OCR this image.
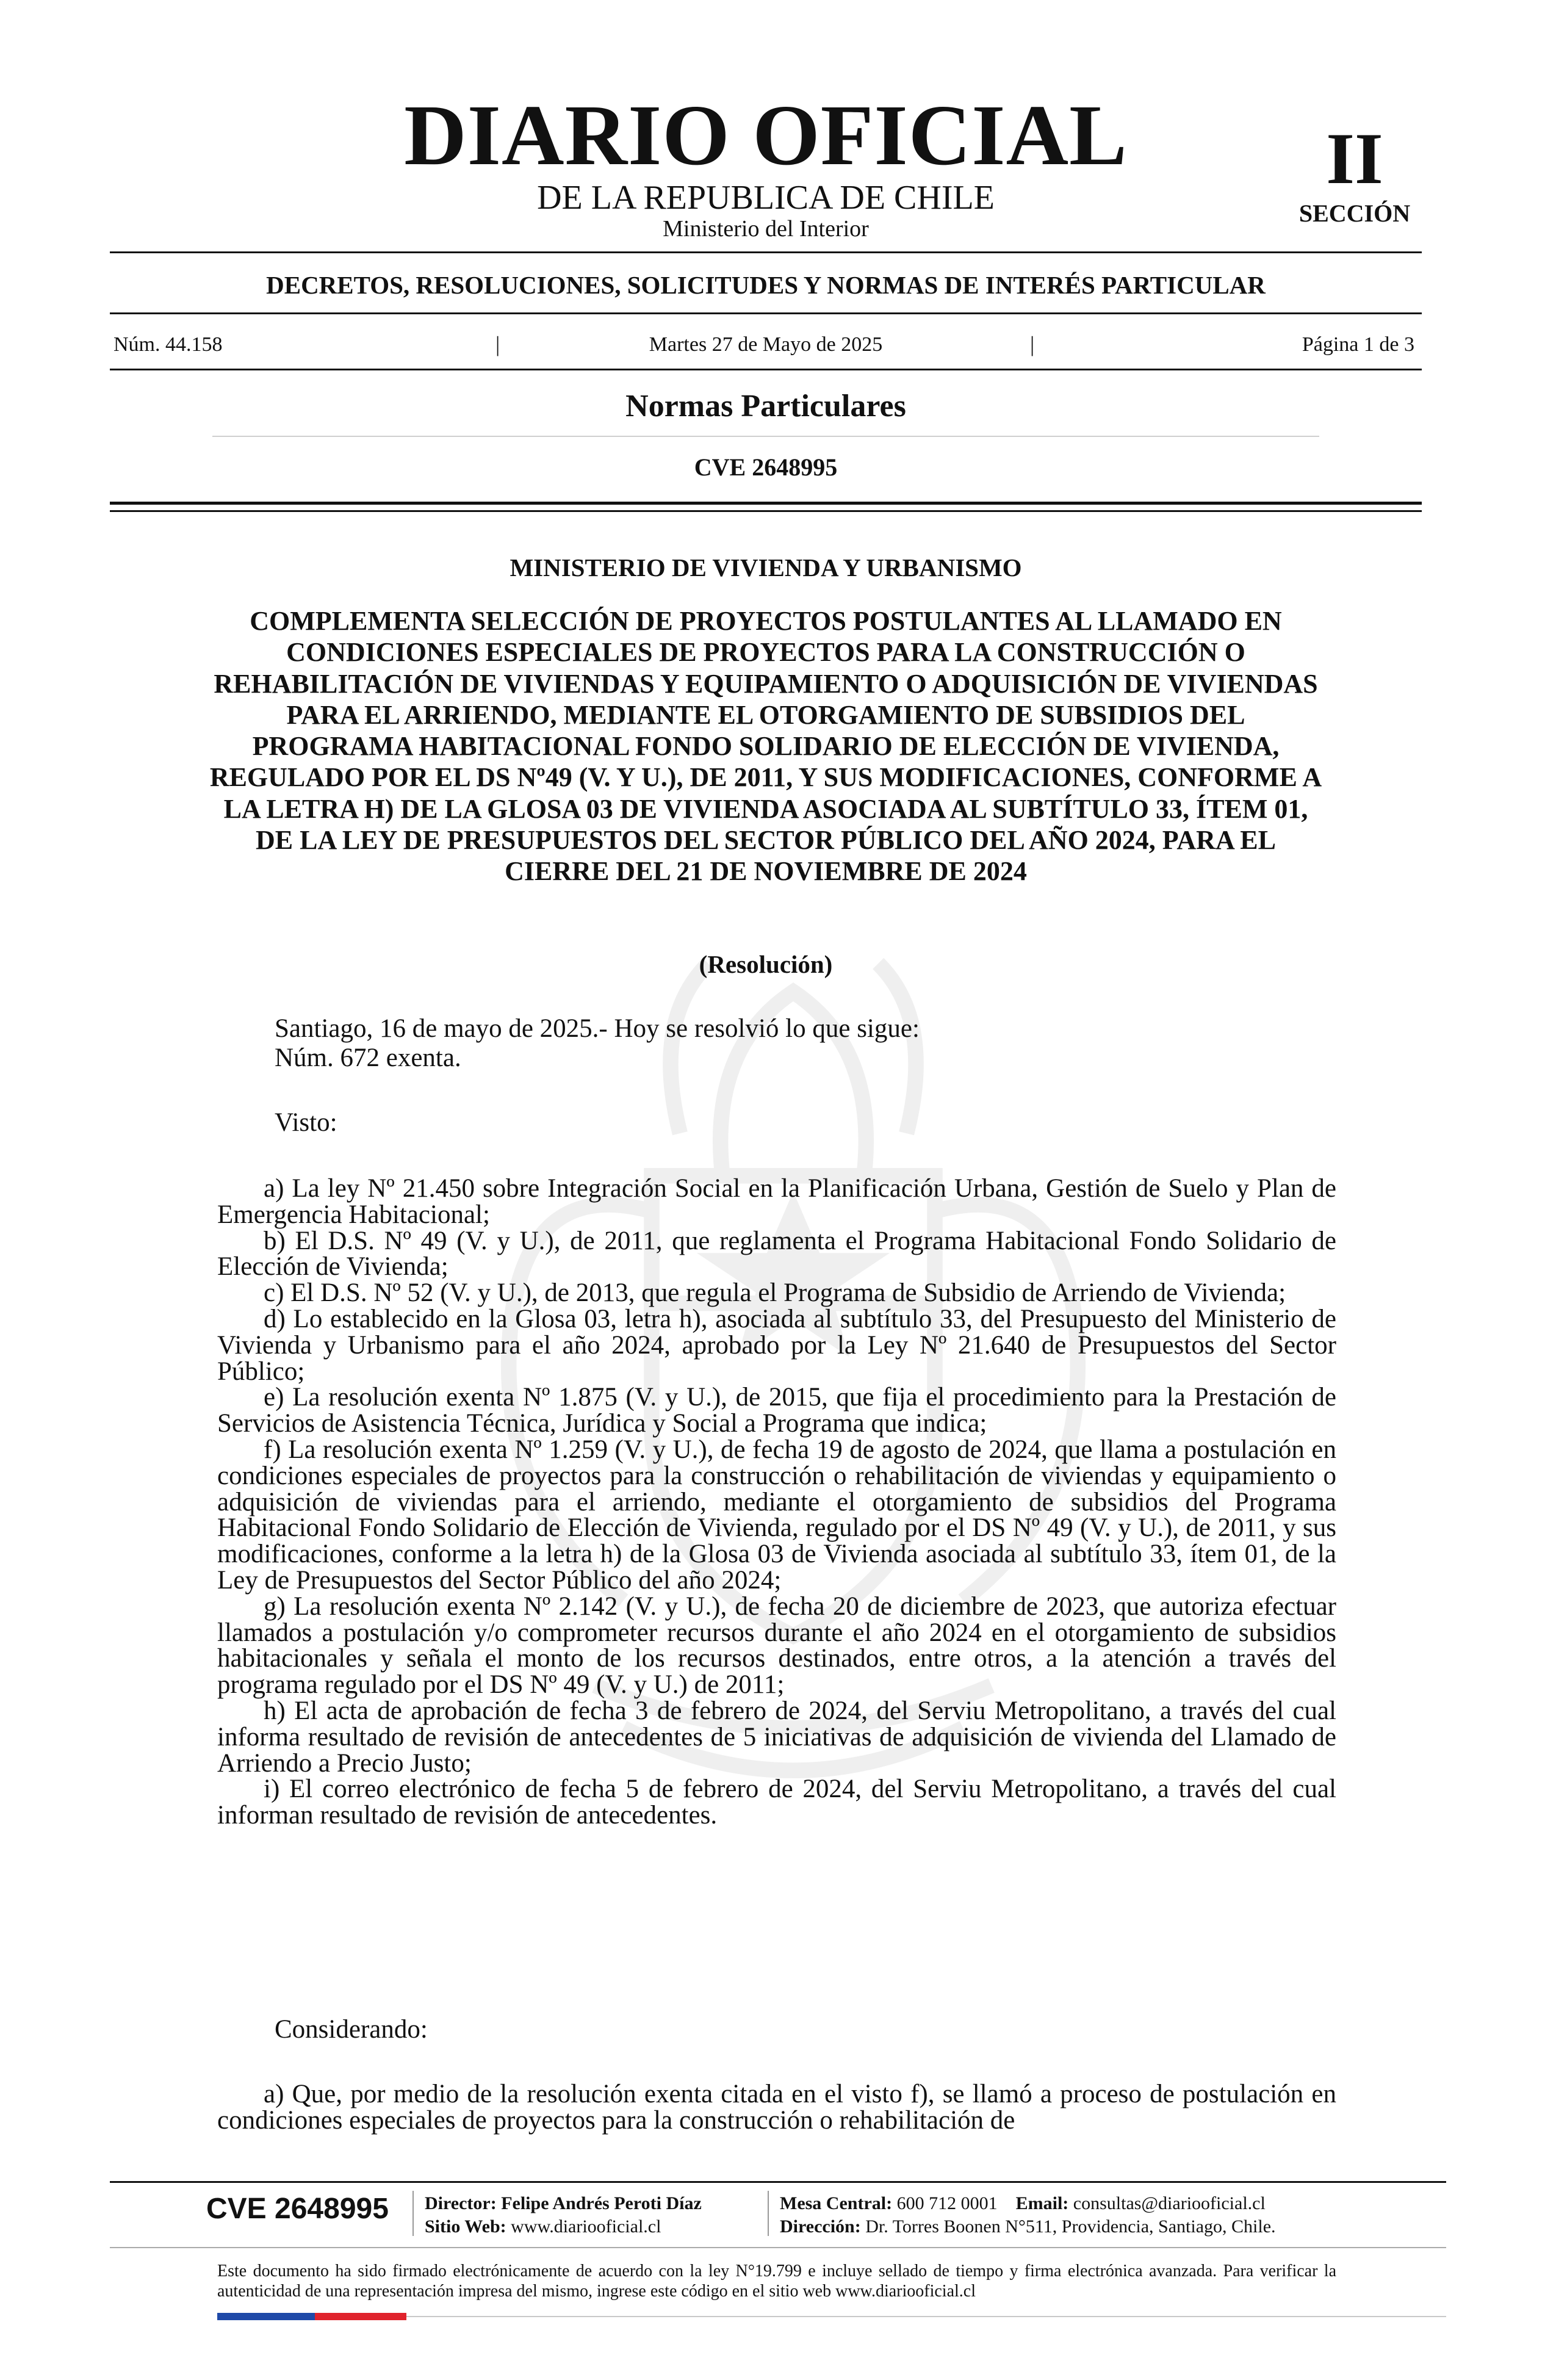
DIARIO OFICIAL
DE LA REPUBLICA DE CHILE
Ministerio del Interior
II
SECCIÓN
DECRETOS, RESOLUCIONES, SOLICITUDES Y NORMAS DE INTERÉS PARTICULAR
Núm. 44.158	|	Martes 27 de Mayo de 2025	|	Página 1 de 3
Normas Particulares
CVE 2648995
MINISTERIO DE VIVIENDA Y URBANISMO
COMPLEMENTA SELECCIÓN DE PROYECTOS POSTULANTES AL LLAMADO EN CONDICIONES ESPECIALES DE PROYECTOS PARA LA CONSTRUCCIÓN O REHABILITACIÓN DE VIVIENDAS Y EQUIPAMIENTO O ADQUISICIÓN DE VIVIENDAS PARA EL ARRIENDO, MEDIANTE EL OTORGAMIENTO DE SUBSIDIOS DEL PROGRAMA HABITACIONAL FONDO SOLIDARIO DE ELECCIÓN DE VIVIENDA, REGULADO POR EL DS Nº49 (V. Y U.), DE 2011, Y SUS MODIFICACIONES, CONFORME A LA LETRA H) DE LA GLOSA 03 DE VIVIENDA ASOCIADA AL SUBTÍTULO 33, ÍTEM 01, DE LA LEY DE PRESUPUESTOS DEL SECTOR PÚBLICO DEL AÑO 2024, PARA EL CIERRE DEL 21 DE NOVIEMBRE DE 2024
(Resolución)
Santiago, 16 de mayo de 2025.- Hoy se resolvió lo que sigue:
Núm. 672 exenta.
Visto:
a) La ley Nº 21.450 sobre Integración Social en la Planificación Urbana, Gestión de Suelo y Plan de
Emergencia Habitacional;
b) El D.S. Nº 49 (V. y U.), de 2011, que reglamenta el Programa Habitacional Fondo Solidario de
Elección de Vivienda;
c) El D.S. Nº 52 (V. y U.), de 2013, que regula el Programa de Subsidio de Arriendo de Vivienda;
d) Lo establecido en la Glosa 03, letra h), asociada al subtítulo 33, del Presupuesto del Ministerio de
Vivienda y Urbanismo para el año 2024, aprobado por la Ley Nº 21.640 de Presupuestos del Sector
Público;
e) La resolución exenta Nº 1.875 (V. y U.), de 2015, que fija el procedimiento para la Prestación de
Servicios de Asistencia Técnica, Jurídica y Social a Programa que indica;
f) La resolución exenta Nº 1.259 (V. y U.), de fecha 19 de agosto de 2024, que llama a postulación en
condiciones especiales de proyectos para la construcción o rehabilitación de viviendas y equipamiento o
adquisición de viviendas para el arriendo, mediante el otorgamiento de subsidios del Programa
Habitacional Fondo Solidario de Elección de Vivienda, regulado por el DS Nº 49 (V. y U.), de 2011, y sus
modificaciones, conforme a la letra h) de la Glosa 03 de Vivienda asociada al subtítulo 33, ítem 01, de la
Ley de Presupuestos del Sector Público del año 2024;
g) La resolución exenta Nº 2.142 (V. y U.), de fecha 20 de diciembre de 2023, que autoriza efectuar
llamados a postulación y/o comprometer recursos durante el año 2024 en el otorgamiento de subsidios
habitacionales y señala el monto de los recursos destinados, entre otros, a la atención a través del
programa regulado por el DS Nº 49 (V. y U.) de 2011;
h) El acta de aprobación de fecha 3 de febrero de 2024, del Serviu Metropolitano, a través del cual
informa resultado de revisión de antecedentes de 5 iniciativas de adquisición de vivienda del Llamado de
Arriendo a Precio Justo;
i) El correo electrónico de fecha 5 de febrero de 2024, del Serviu Metropolitano, a través del cual
informan resultado de revisión de antecedentes.
Considerando:
a) Que, por medio de la resolución exenta citada en el visto f), se llamó a proceso de postulación en
condiciones especiales de proyectos para la construcción o rehabilitación de
CVE 2648995 Director: Felipe Andrés Peroti Díaz
Sitio Web: www.diariooficial.cl
Mesa Central: 600 712 0001 Email: consultas@diariooficial.cl
Dirección: Dr. Torres Boonen N°511, Providencia, Santiago, Chile.
Este documento ha sido firmado electrónicamente de acuerdo con la ley N°19.799 e incluye sellado de tiempo y firma electrónica avanzada. Para verificar la
autenticidad de una representación impresa del mismo, ingrese este código en el sitio web www.diariooficial.cl
